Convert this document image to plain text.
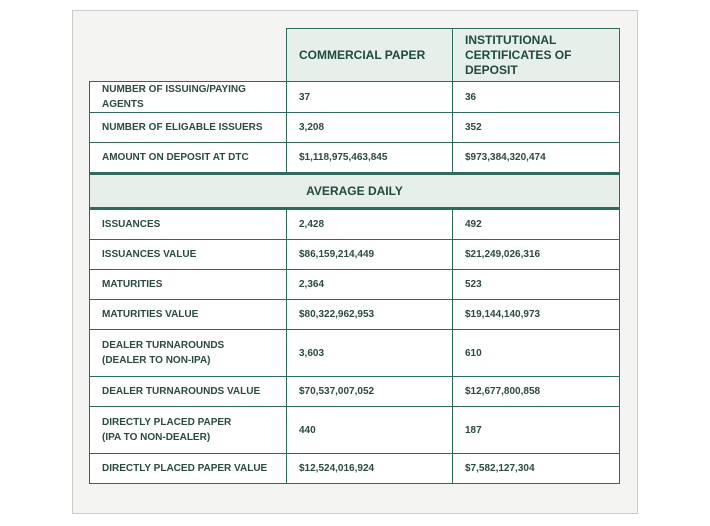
	COMMERCIAL PAPER	INSTITUTIONAL
CERTIFICATES OF DEPOSIT

NUMBER OF ISSUING/PAYING AGENTS	37	36
NUMBER OF ELIGABLE ISSUERS	3,208	352
AMOUNT ON DEPOSIT AT DTC	$1,118,975,463,845	$973,384,320,474
AVERAGE DAILY		
ISSUANCES	2,428	492
ISSUANCES VALUE	$86,159,214,449	$21,249,026,316
MATURITIES	2,364	523
MATURITIES VALUE	$80,322,962,953	$19,144,140,973

DEALER TURNAROUNDS
(DEALER TO NON-IPA)	3,603	610
DEALER TURNAROUNDS VALUE	$70,537,007,052	$12,677,800,858

DIRECTLY PLACED PAPER
(IPA TO NON-DEALER)	440	187
DIRECTLY PLACED PAPER VALUE	$12,524,016,924	$7,582,127,304
